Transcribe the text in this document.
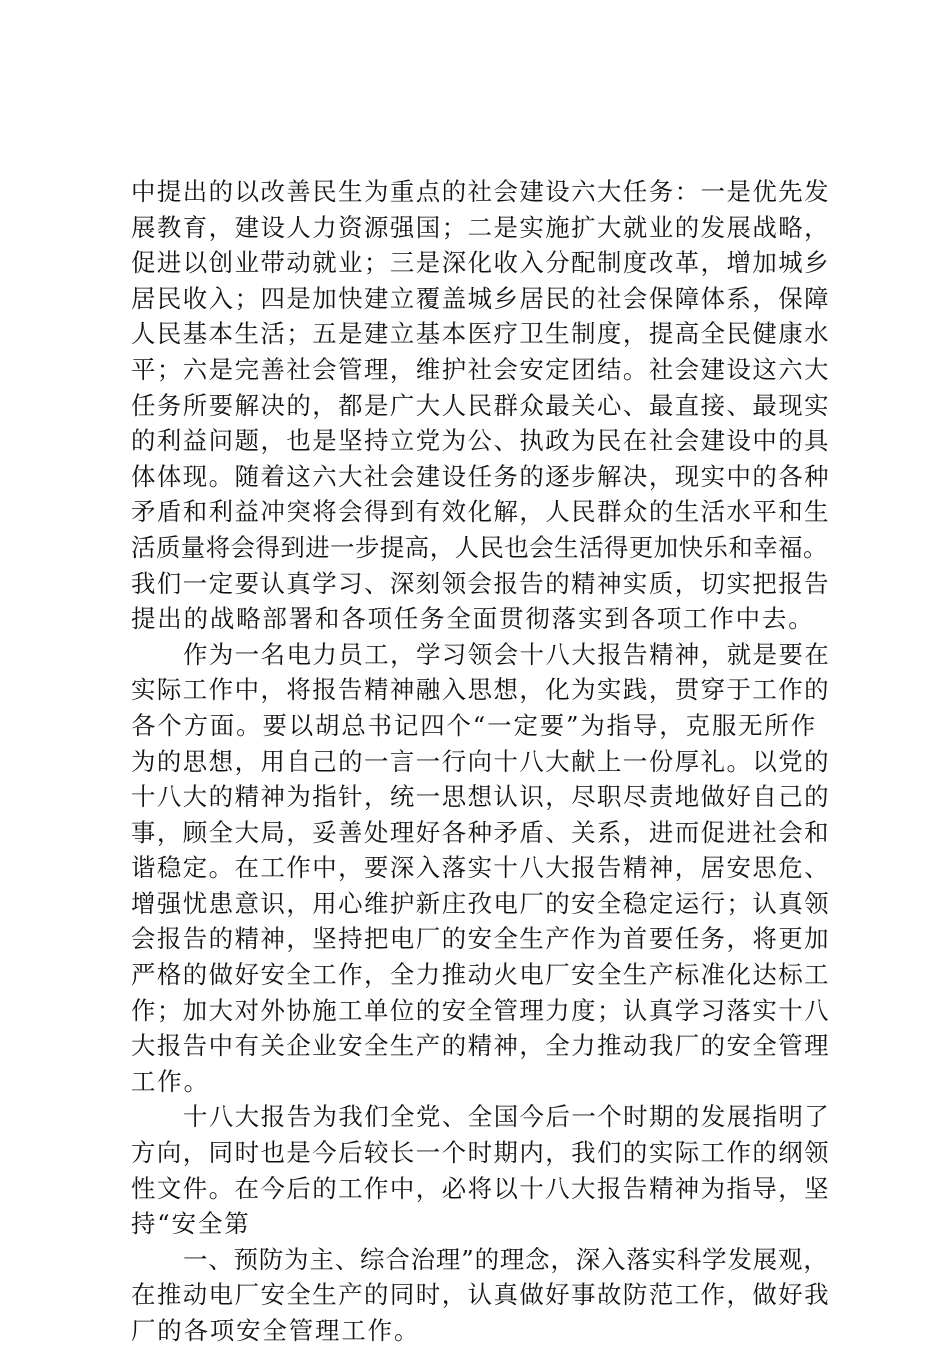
中提出的以改善民生为重点的社会建设六大任务：一是优先发
展教育，建设人力资源强国；二是实施扩大就业的发展战略，
促进以创业带动就业；三是深化收入分配制度改革，增加城乡
居民收入；四是加快建立覆盖城乡居民的社会保障体系，保障
人民基本生活；五是建立基本医疗卫生制度，提高全民健康水
平；六是完善社会管理，维护社会安定团结。社会建设这六大
任务所要解决的，都是广大人民群众最关心、最直接、最现实
的利益问题，也是坚持立党为公、执政为民在社会建设中的具
体体现。随着这六大社会建设任务的逐步解决，现实中的各种
矛盾和利益冲突将会得到有效化解，人民群众的生活水平和生
活质量将会得到进一步提高，人民也会生活得更加快乐和幸福。
我们一定要认真学习、深刻领会报告的精神实质，切实把报告
提出的战略部署和各项任务全面贯彻落实到各项工作中去。
作为一名电力员工，学习领会十八大报告精神，就是要在
实际工作中，将报告精神融入思想，化为实践，贯穿于工作的
各个方面。要以胡总书记四个“一定要”为指导，克服无所作
为的思想，用自己的一言一行向十八大献上一份厚礼。以党的
十八大的精神为指针，统一思想认识，尽职尽责地做好自己的
事，顾全大局，妥善处理好各种矛盾、关系，进而促进社会和
谐稳定。在工作中，要深入落实十八大报告精神，居安思危、
增强忧患意识，用心维护新庄孜电厂的安全稳定运行；认真领
会报告的精神，坚持把电厂的安全生产作为首要任务，将更加
严格的做好安全工作，全力推动火电厂安全生产标准化达标工
作；加大对外协施工单位的安全管理力度；认真学习落实十八
大报告中有关企业安全生产的精神，全力推动我厂的安全管理
工作。
十八大报告为我们全党、全国今后一个时期的发展指明了
方向，同时也是今后较长一个时期内，我们的实际工作的纲领
性文件。在今后的工作中，必将以十八大报告精神为指导，坚
持“安全第
一、预防为主、综合治理”的理念，深入落实科学发展观，
在推动电厂安全生产的同时，认真做好事故防范工作，做好我
厂的各项安全管理工作。
